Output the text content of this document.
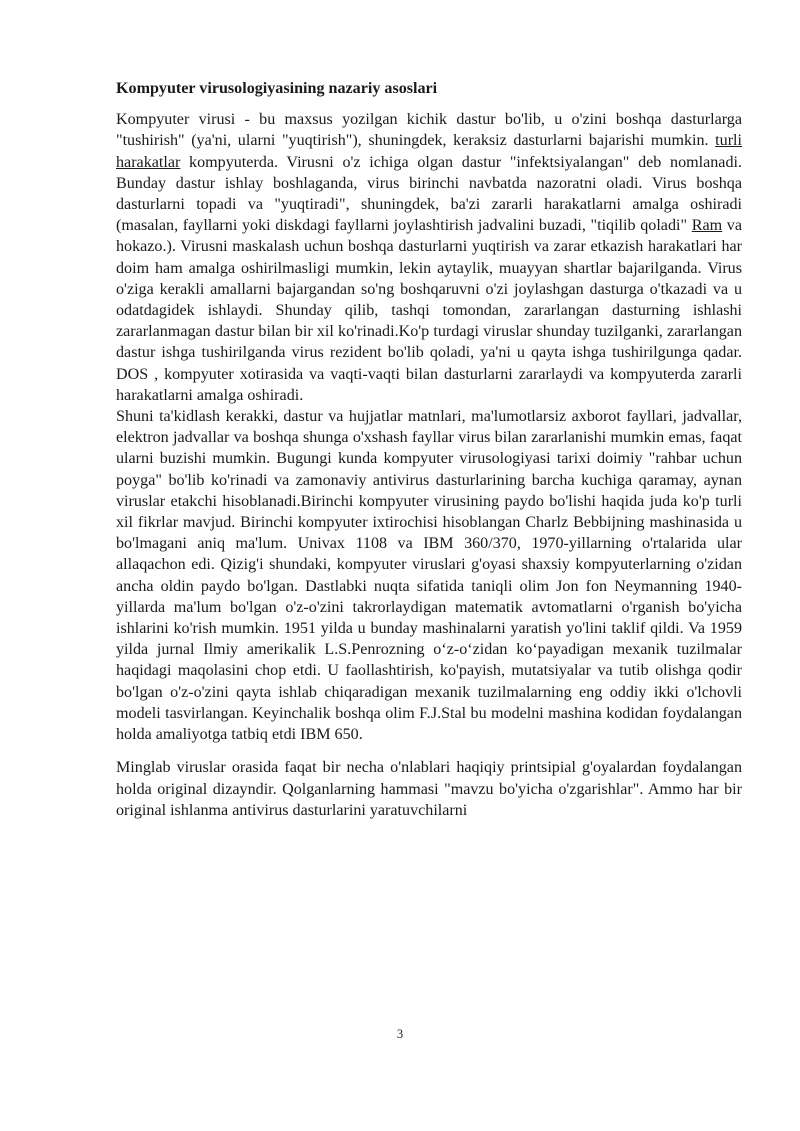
Kompyuter virusologiyasining nazariy asoslari

Kompyuter virusi - bu maxsus yozilgan kichik dastur bo'lib, u o'zini boshqa dasturlarga "tushirish" (ya'ni, ularni "yuqtirish"), shuningdek, keraksiz dasturlarni bajarishi mumkin. turli harakatlar kompyuterda. Virusni o'z ichiga olgan dastur "infektsiyalangan" deb nomlanadi. Bunday dastur ishlay boshlaganda, virus birinchi navbatda nazoratni oladi. Virus boshqa dasturlarni topadi va "yuqtiradi", shuningdek, ba'zi zararli harakatlarni amalga oshiradi (masalan, fayllarni yoki diskdagi fayllarni joylashtirish jadvalini buzadi, "tiqilib qoladi" Ram va hokazo.). Virusni maskalash uchun boshqa dasturlarni yuqtirish va zarar etkazish harakatlari har doim ham amalga oshirilmasligi mumkin, lekin aytaylik, muayyan shartlar bajarilganda. Virus o'ziga kerakli amallarni bajargandan so'ng boshqaruvni o'zi joylashgan dasturga o'tkazadi va u odatdagidek ishlaydi. Shunday qilib, tashqi tomondan, zararlangan dasturning ishlashi zararlanmagan dastur bilan bir xil ko'rinadi.Ko'p turdagi viruslar shunday tuzilganki, zararlangan dastur ishga tushirilganda virus rezident bo'lib qoladi, ya'ni u qayta ishga tushirilgunga qadar. DOS , kompyuter xotirasida va vaqti-vaqti bilan dasturlarni zararlaydi va kompyuterda zararli harakatlarni amalga oshiradi.

Shuni ta'kidlash kerakki, dastur va hujjatlar matnlari, ma'lumotlarsiz axborot fayllari, jadvallar, elektron jadvallar va boshqa shunga o'xshash fayllar virus bilan zararlanishi mumkin emas, faqat ularni buzishi mumkin. Bugungi kunda kompyuter virusologiyasi tarixi doimiy "rahbar uchun poyga" bo'lib ko'rinadi va zamonaviy antivirus dasturlarining barcha kuchiga qaramay, aynan viruslar etakchi hisoblanadi.Birinchi kompyuter virusining paydo bo'lishi haqida juda ko'p turli xil fikrlar mavjud. Birinchi kompyuter ixtirochisi hisoblangan Charlz Bebbijning mashinasida u bo'lmagani aniq ma'lum. Univax 1108 va IBM 360/370, 1970-yillarning o'rtalarida ular allaqachon edi. Qizig'i shundaki, kompyuter viruslari g'oyasi shaxsiy kompyuterlarning o'zidan ancha oldin paydo bo'lgan. Dastlabki nuqta sifatida taniqli olim Jon fon Neymanning 1940-yillarda ma'lum bo'lgan o'z-o'zini takrorlaydigan matematik avtomatlarni o'rganish bo'yicha ishlarini ko'rish mumkin. 1951 yilda u bunday mashinalarni yaratish yo'lini taklif qildi. Va 1959 yilda jurnal Ilmiy amerikalik L.S.Penrozning o‘z-o‘zidan ko‘payadigan mexanik tuzilmalar haqidagi maqolasini chop etdi. U faollashtirish, ko'payish, mutatsiyalar va tutib olishga qodir bo'lgan o'z-o'zini qayta ishlab chiqaradigan mexanik tuzilmalarning eng oddiy ikki o'lchovli modeli tasvirlangan. Keyinchalik boshqa olim F.J.Stal bu modelni mashina kodidan foydalangan holda amaliyotga tatbiq etdi IBM 650.

Minglab viruslar orasida faqat bir necha o'nlablari haqiqiy printsipial g'oyalardan foydalangan holda original dizayndir. Qolganlarning hammasi "mavzu bo'yicha o'zgarishlar". Ammo har bir original ishlanma antivirus dasturlarini yaratuvchilarni

3
